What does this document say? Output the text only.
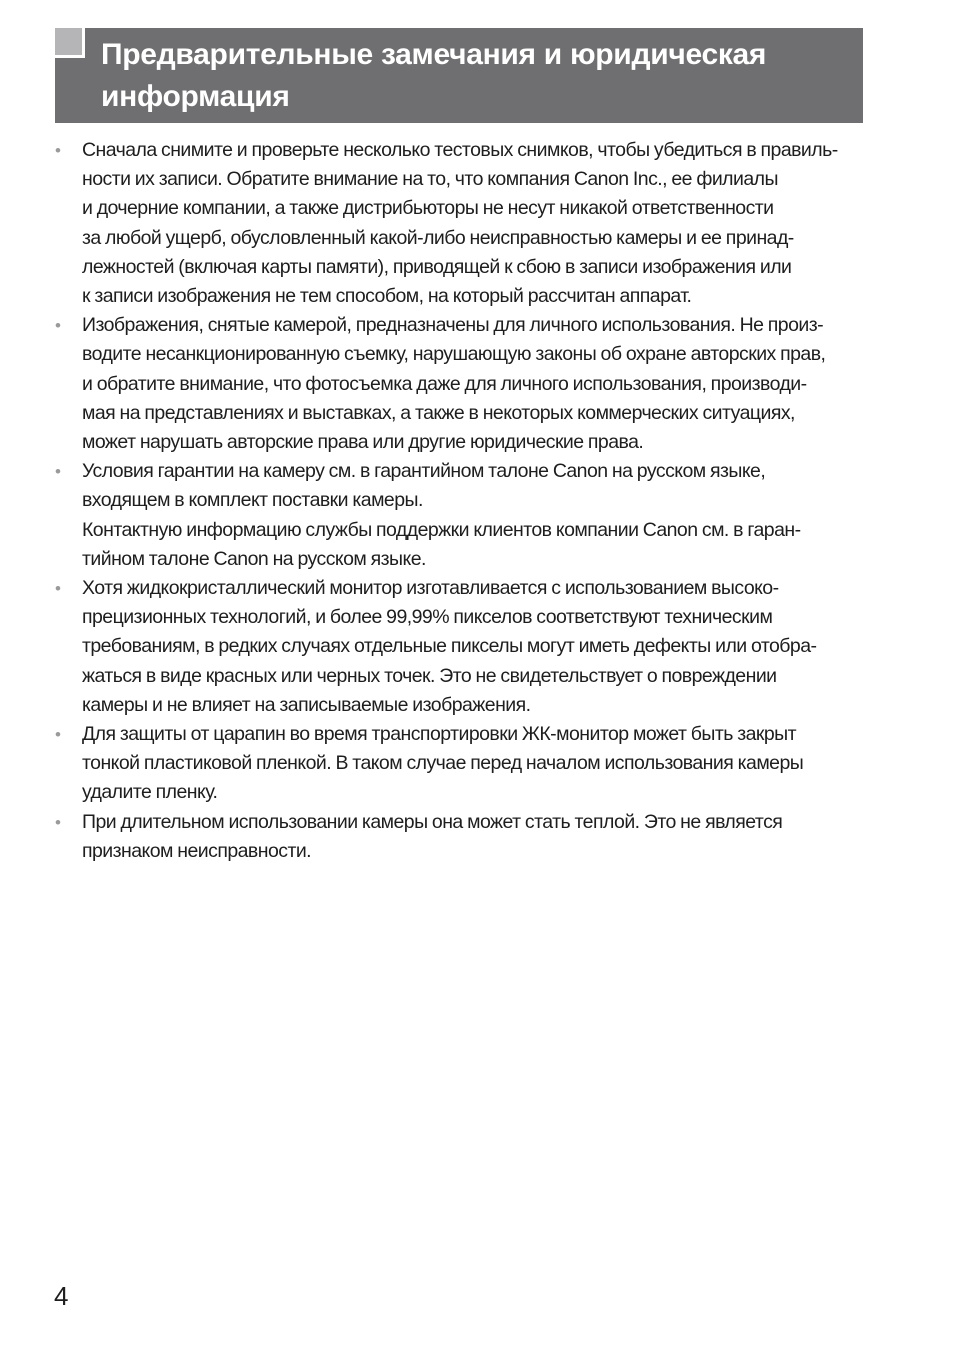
Предварительные замечания и юридическая
информация
• Сначала снимите и проверьте несколько тестовых снимков, чтобы убедиться в правиль-
ности их записи. Обратите внимание на то, что компания Canon Inc., ее филиалы
и дочерние компании, а также дистрибьюторы не несут никакой ответственности
за любой ущерб, обусловленный какой-либо неисправностью камеры и ее принад-
лежностей (включая карты памяти), приводящей к сбою в записи изображения или
к записи изображения не тем способом, на который рассчитан аппарат.
• Изображения, снятые камерой, предназначены для личного использования. Не произ-
водите несанкционированную съемку, нарушающую законы об охране авторских прав,
и обратите внимание, что фотосъемка даже для личного использования, производи-
мая на представлениях и выставках, а также в некоторых коммерческих ситуациях,
может нарушать авторские права или другие юридические права.
• Условия гарантии на камеру см. в гарантийном талоне Canon на русском языке,
входящем в комплект поставки камеры.
Контактную информацию службы поддержки клиентов компании Canon см. в гаран-
тийном талоне Canon на русском языке.
• Хотя жидкокристаллический монитор изготавливается с использованием высоко-
прецизионных технологий, и более 99,99% пикселов соответствуют техническим
требованиям, в редких случаях отдельные пикселы могут иметь дефекты или отобра-
жаться в виде красных или черных точек. Это не свидетельствует о повреждении
камеры и не влияет на записываемые изображения.
• Для защиты от царапин во время транспортировки ЖК-монитор может быть закрыт
тонкой пластиковой пленкой. В таком случае перед началом использования камеры
удалите пленку.
• При длительном использовании камеры она может стать теплой. Это не является
признаком неисправности.
4
